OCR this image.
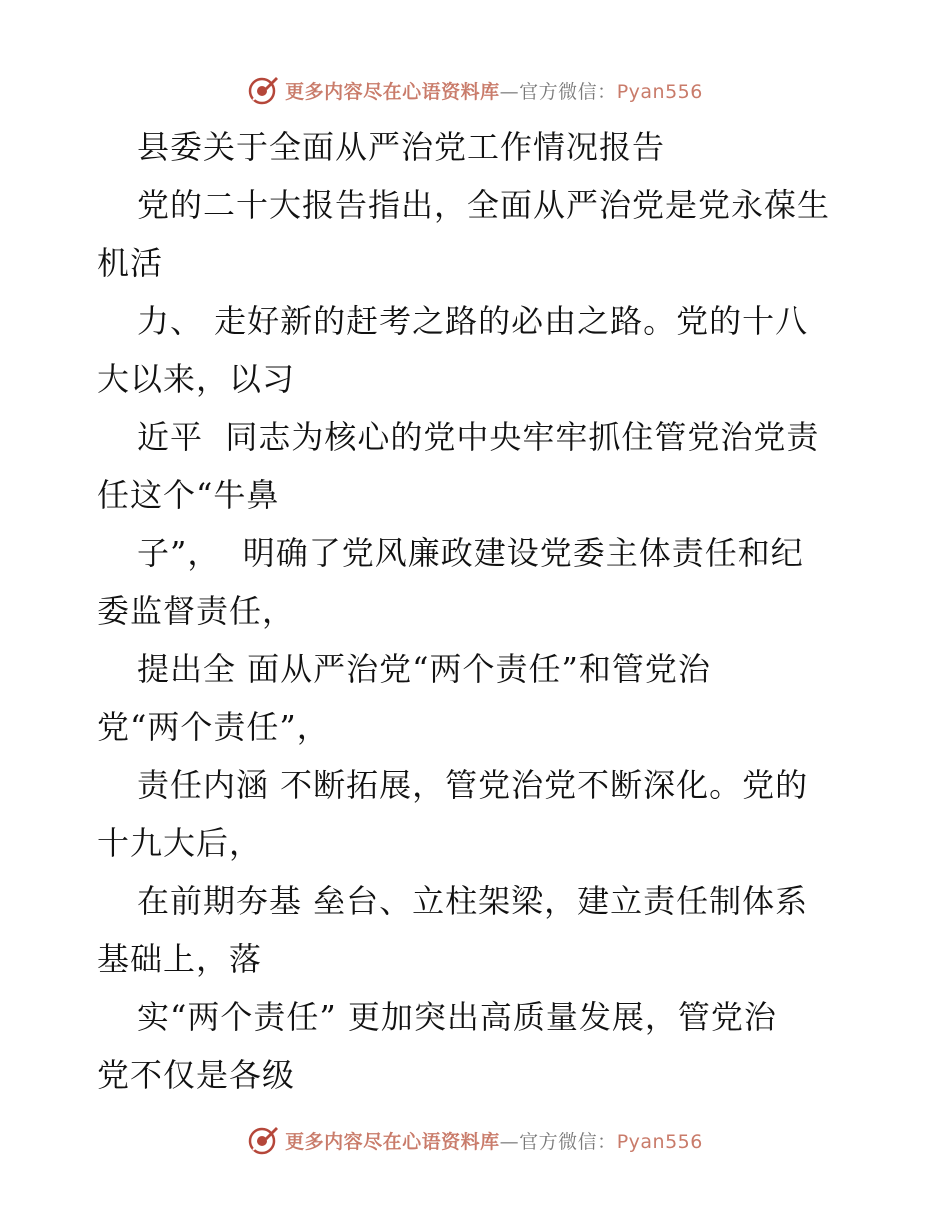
更多内容尽在心语资料库—官方微信：Pyan556
县委关于全面从严治党工作情况报告
党的二十大报告指出，全面从严治党是党永葆生
机活
力、 走好新的赶考之路的必由之路。党的十八
大以来，以习
近平  同志为核心的党中央牢牢抓住管党治党责
任这个“牛鼻
子”，  明确了党风廉政建设党委主体责任和纪
委监督责任，
提出全 面从严治党“两个责任”和管党治
党“两个责任”，
责任内涵 不断拓展，管党治党不断深化。党的
十九大后，
在前期夯基 垒台、立柱架梁，建立责任制体系
基础上，落
实“两个责任” 更加突出高质量发展，管党治
党不仅是各级
更多内容尽在心语资料库—官方微信：Pyan556
